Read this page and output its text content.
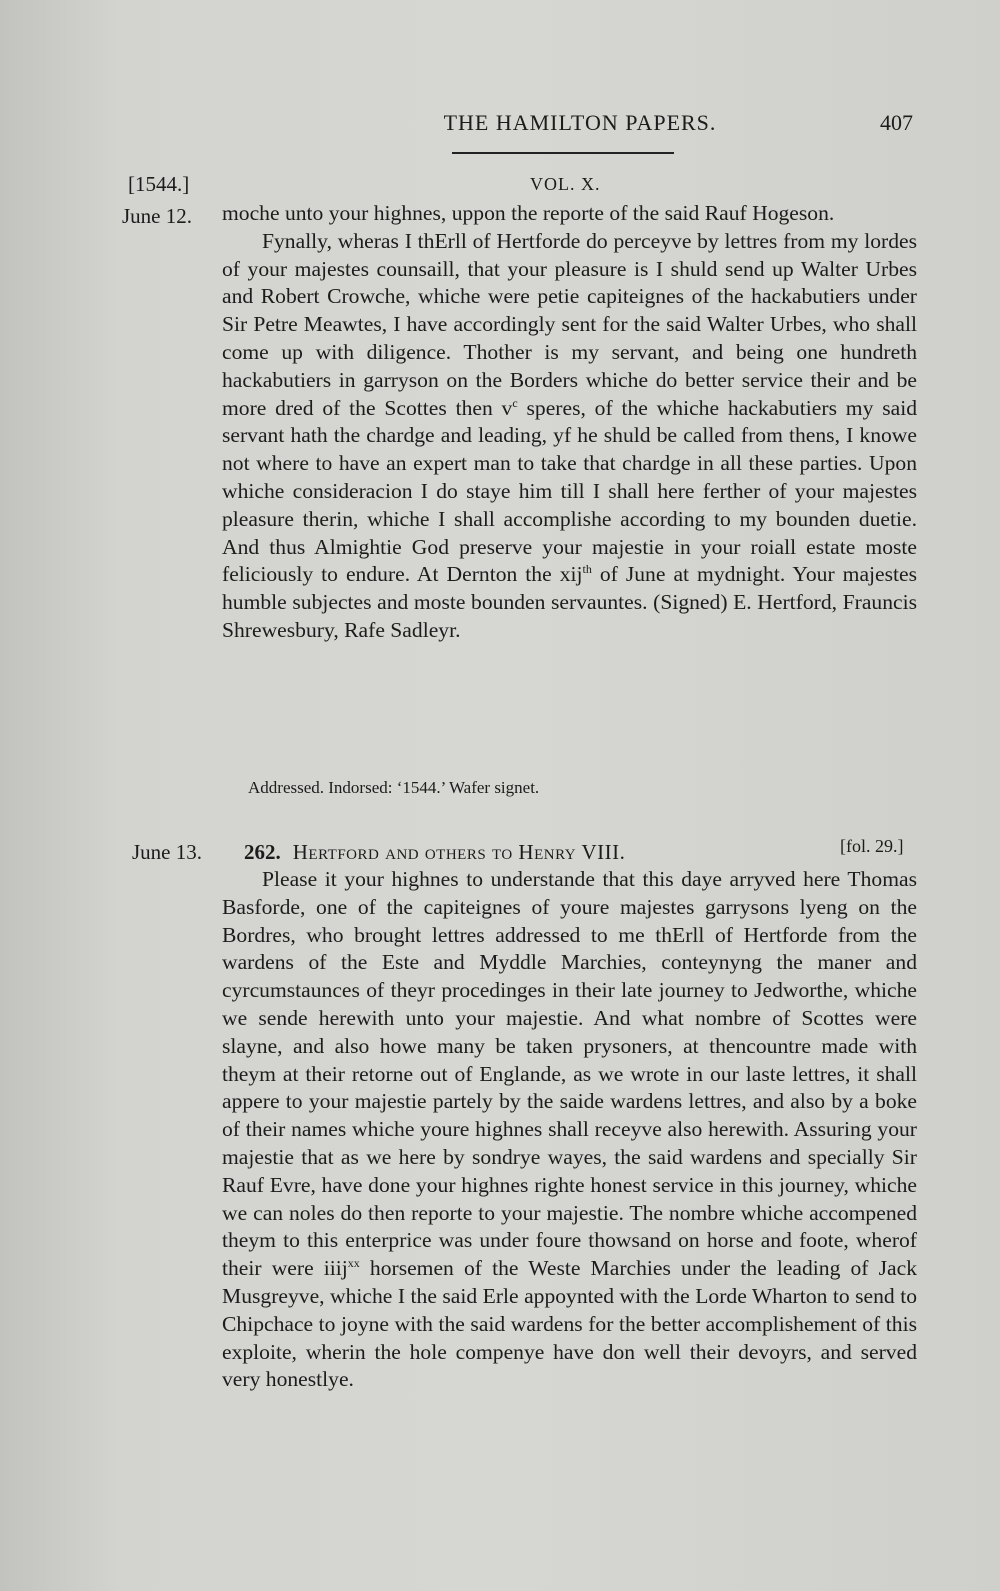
THE HAMILTON PAPERS.	407
[1544.]	VOL. X.
June 12.	moche unto your highnes, uppon the reporte of the said Rauf Hogeson.

Fynally, wheras I thErll of Hertforde do perceyve by lettres from my lordes of your majestes counsaill, that your pleasure is I shuld send up Walter Urbes and Robert Crowche, whiche were petie capiteignes of the hackabutiers under Sir Petre Meawtes, I have accordingly sent for the said Walter Urbes, who shall come up with diligence. Thother is my servant, and being one hundreth hackabutiers in garryson on the Borders whiche do better service their and be more dred of the Scottes then $v^c$ speres, of the whiche hackabutiers my said servant hath the chardge and leading, yf he shuld be called from thens, I knowe not where to have an expert man to take that chardge in all these parties. Upon whiche consideracion I do staye him till I shall here ferther of your majestes pleasure therin, whiche I shall accomplishe according to my bounden duetie. And thus Almightie God preserve your majestie in your roiall estate moste feliciously to endure. At Dernton the xij$^{th}$ of June at mydnight. Your majestes humble subjectes and moste bounden servauntes. (Signed) E. Hertford, Frauncis Shrewesbury, Rafe Sadleyr.

Addressed. Indorsed: ‘1544.’ Wafer signet.
June 13.	262. Hertford and others to Henry VIII.	[fol. 29.]

Please it your highnes to understande that this daye arryved here Thomas Basforde, one of the capiteignes of youre majestes garrysons lyeng on the Bordres, who brought lettres addressed to me thErll of Hertforde from the wardens of the Este and Myddle Marchies, conteynyng the maner and cyrcumstaunces of theyr procedinges in their late journey to Jedworthe, whiche we sende herewith unto your majestie. And what nombre of Scottes were slayne, and also howe many be taken prysoners, at thencountre made with theym at their retorne out of Englande, as we wrote in our laste lettres, it shall appere to your majestie partely by the saide wardens lettres, and also by a boke of their names whiche youre highnes shall receyve also herewith. Assuring your majestie that as we here by sondrye wayes, the said wardens and specially Sir Rauf Evre, have done your highnes righte honest service in this journey, whiche we can noles do then reporte to your majestie. The nombre whiche accompened theym to this enterprice was under foure thowsand on horse and foote, wherof their were iiij$^{xx}$ horsemen of the Weste Marchies under the leading of Jack Musgreyve, whiche I the said Erle appoynted with the Lorde Wharton to send to Chipchace to joyne with the said wardens for the better accomplishement of this exploite, wherin the hole compenye have don well their devoyrs, and served very honestlye.
